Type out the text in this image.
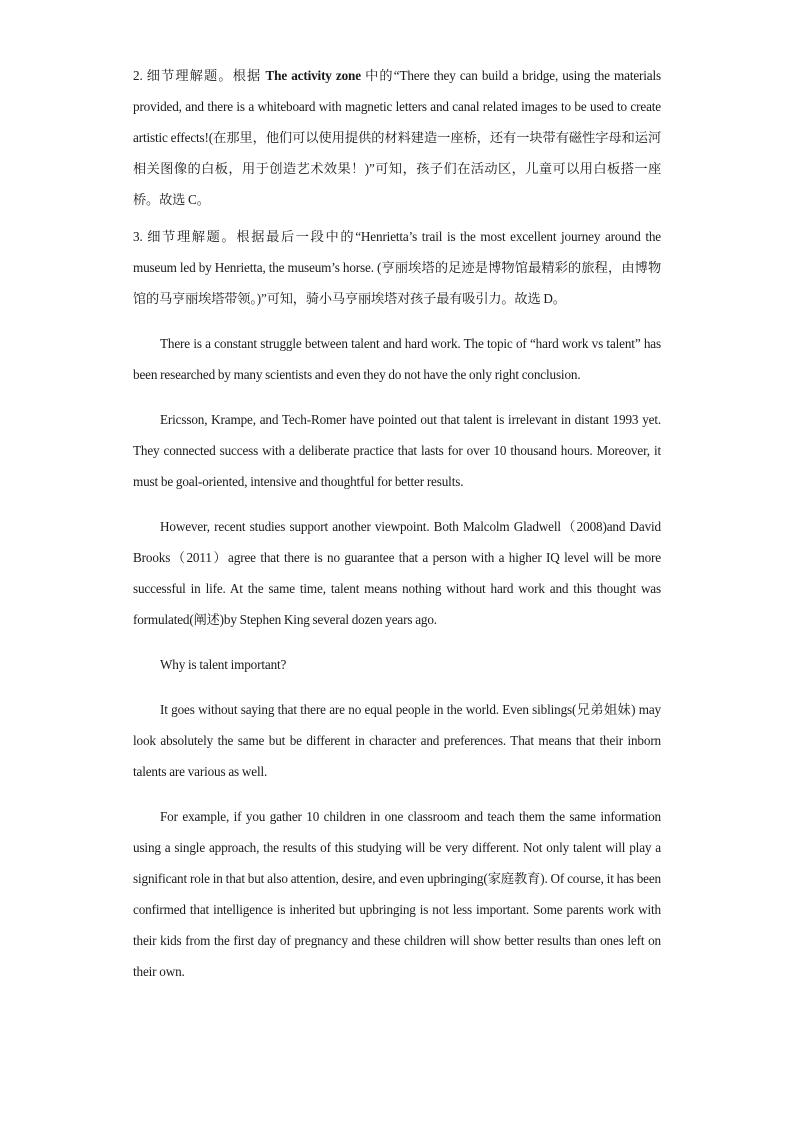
2. 细节理解题。根据 The activity zone 中的“There they can build a bridge, using the materials provided, and there is a whiteboard with magnetic letters and canal related images to be used to create artistic effects!(在那里，他们可以使用提供的材料建造一座桥，还有一块带有磁性字母和运河相关图像的白板，用于创造艺术效果！)”可知，孩子们在活动区，儿童可以用白板搭一座桥。故选 C。

3. 细节理解题。根据最后一段中的“Henrietta’s trail is the most excellent journey around the museum led by Henrietta, the museum’s horse. (亨丽埃塔的足迹是博物馆最精彩的旅程，由博物馆的马亨丽埃塔带领。)”可知，骑小马亨丽埃塔对孩子最有吸引力。故选 D。

There is a constant struggle between talent and hard work. The topic of “hard work vs talent” has been researched by many scientists and even they do not have the only right conclusion.

Ericsson, Krampe, and Tech-Romer have pointed out that talent is irrelevant in distant 1993 yet. They connected success with a deliberate practice that lasts for over 10 thousand hours. Moreover, it must be goal-oriented, intensive and thoughtful for better results.

However, recent studies support another viewpoint. Both Malcolm Gladwell（2008)and David Brooks（2011）agree that there is no guarantee that a person with a higher IQ level will be more successful in life. At the same time, talent means nothing without hard work and this thought was formulated(阐述)by Stephen King several dozen years ago.

Why is talent important?

It goes without saying that there are no equal people in the world. Even siblings(兄弟姐妹) may look absolutely the same but be different in character and preferences. That means that their inborn talents are various as well.

For example, if you gather 10 children in one classroom and teach them the same information using a single approach, the results of this studying will be very different. Not only talent will play a significant role in that but also attention, desire, and even upbringing(家庭教育). Of course, it has been confirmed that intelligence is inherited but upbringing is not less important. Some parents work with their kids from the first day of pregnancy and these children will show better results than ones left on their own.
